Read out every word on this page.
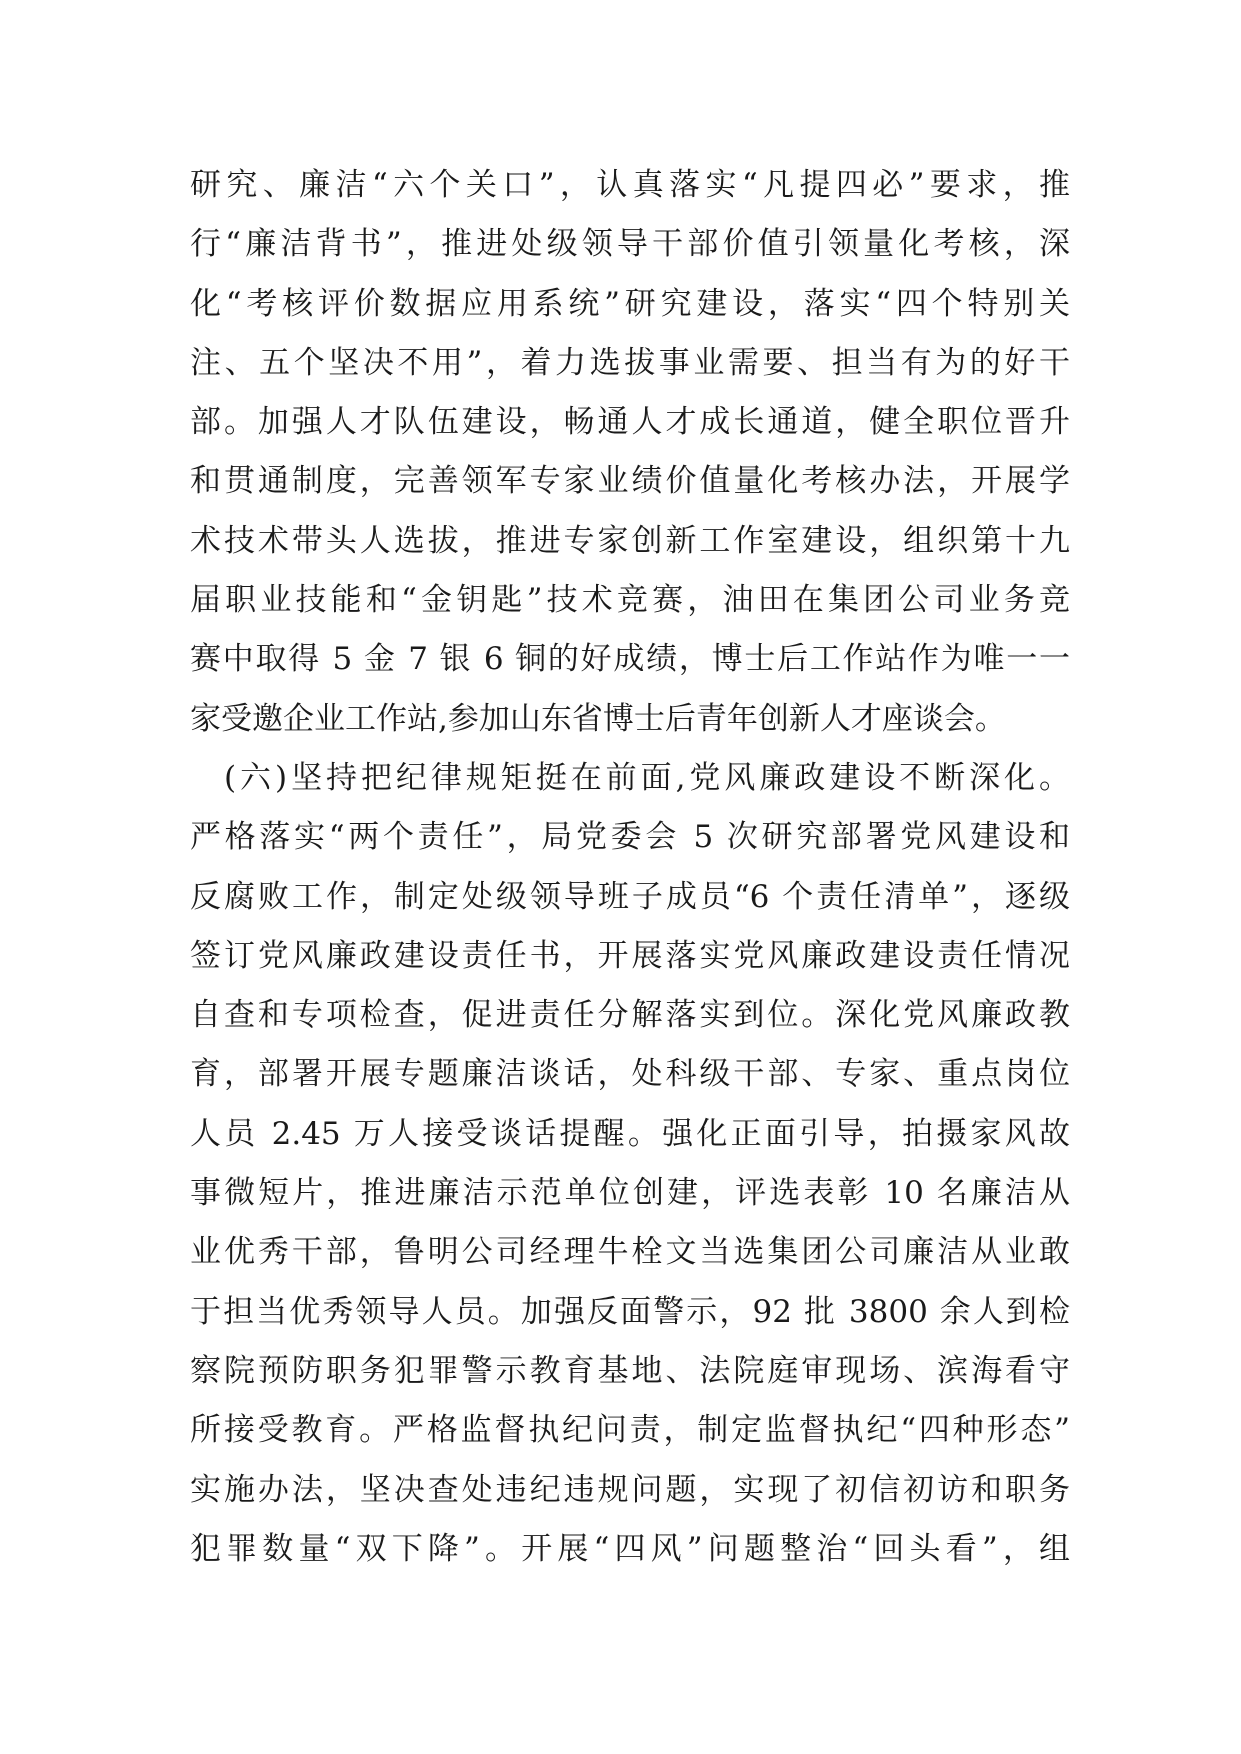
研究、廉洁“六个关口”，认真落实“凡提四必”要求，推
行“廉洁背书”，推进处级领导干部价值引领量化考核，深
化“考核评价数据应用系统”研究建设，落实“四个特别关
注、五个坚决不用”，着力选拔事业需要、担当有为的好干
部。加强人才队伍建设，畅通人才成长通道，健全职位晋升
和贯通制度，完善领军专家业绩价值量化考核办法，开展学
术技术带头人选拔，推进专家创新工作室建设，组织第十九
届职业技能和“金钥匙”技术竞赛，油田在集团公司业务竞
赛中取得 5 金 7 银 6 铜的好成绩，博士后工作站作为唯一一
家受邀企业工作站,参加山东省博士后青年创新人才座谈会。
(六)坚持把纪律规矩挺在前面,党风廉政建设不断深化。
严格落实“两个责任”，局党委会 5 次研究部署党风建设和
反腐败工作，制定处级领导班子成员“6 个责任清单”，逐级
签订党风廉政建设责任书，开展落实党风廉政建设责任情况
自查和专项检查，促进责任分解落实到位。深化党风廉政教
育，部署开展专题廉洁谈话，处科级干部、专家、重点岗位
人员 2.45 万人接受谈话提醒。强化正面引导，拍摄家风故
事微短片，推进廉洁示范单位创建，评选表彰 10 名廉洁从
业优秀干部，鲁明公司经理牛栓文当选集团公司廉洁从业敢
于担当优秀领导人员。加强反面警示，92 批 3800 余人到检
察院预防职务犯罪警示教育基地、法院庭审现场、滨海看守
所接受教育。严格监督执纪问责，制定监督执纪“四种形态”
实施办法，坚决查处违纪违规问题，实现了初信初访和职务
犯罪数量“双下降”。开展“四风”问题整治“回头看”，组
